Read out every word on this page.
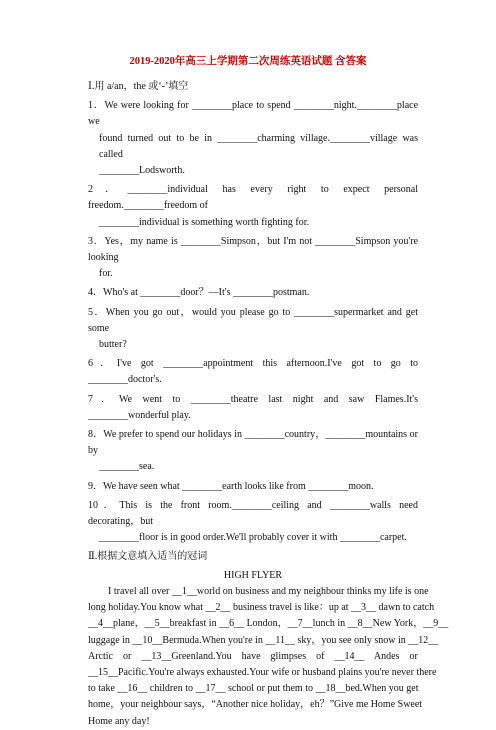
2019-2020年高三上学期第二次周练英语试题 含答案
Ⅰ.用 a/an，the 或‘-’填空
1．We were looking for ________place to spend ________night.________place we
found turned out to be in ________charming village.________village was called
________Lodsworth.
2．________individual has every right to expect personal freedom.________freedom of
________individual is something worth fighting for.
3．Yes，my name is ________Simpson，but I'm not ________Simpson you're looking
for.
4．Who's at ________door？—It's ________postman.
5．When you go out，would you please go to ________supermarket and get some
butter?
6．I've got ________appointment this afternoon.I've got to go to ________doctor's.
7．We went to ________theatre last night and saw Flames.It's ________wonderful play.
8．We prefer to spend our holidays in ________country，________mountains or by
________sea.
9．We have seen what ________earth looks like from ________moon.
10．This is the front room.________ceiling and ________walls need decorating，but
________floor is in good order.We'll probably cover it with ________carpet.
Ⅱ.根据文意填入适当的冠词
HIGH FLYER
I travel all over __1__world on business and my neighbour thinks my life is one
long holiday.You know what __2__ business travel is like：up at __3__ dawn to catch
__4__plane，__5__breakfast in __6__ London，__7__lunch in __8__New York，__9__
luggage in __10__Bermuda.When you're in __11__ sky，you see only snow in __12__
Arctic    or    __13__Greenland.You    have    glimpses    of    __14__    Andes    or
__15__Pacific.You're always exhausted.Your wife or husband plains you're never there
to take __16__ children to __17__ school or put them to __18__bed.When you get
home，your neighbour says，“Another nice holiday，eh？”Give me Home Sweet
Home any day!
